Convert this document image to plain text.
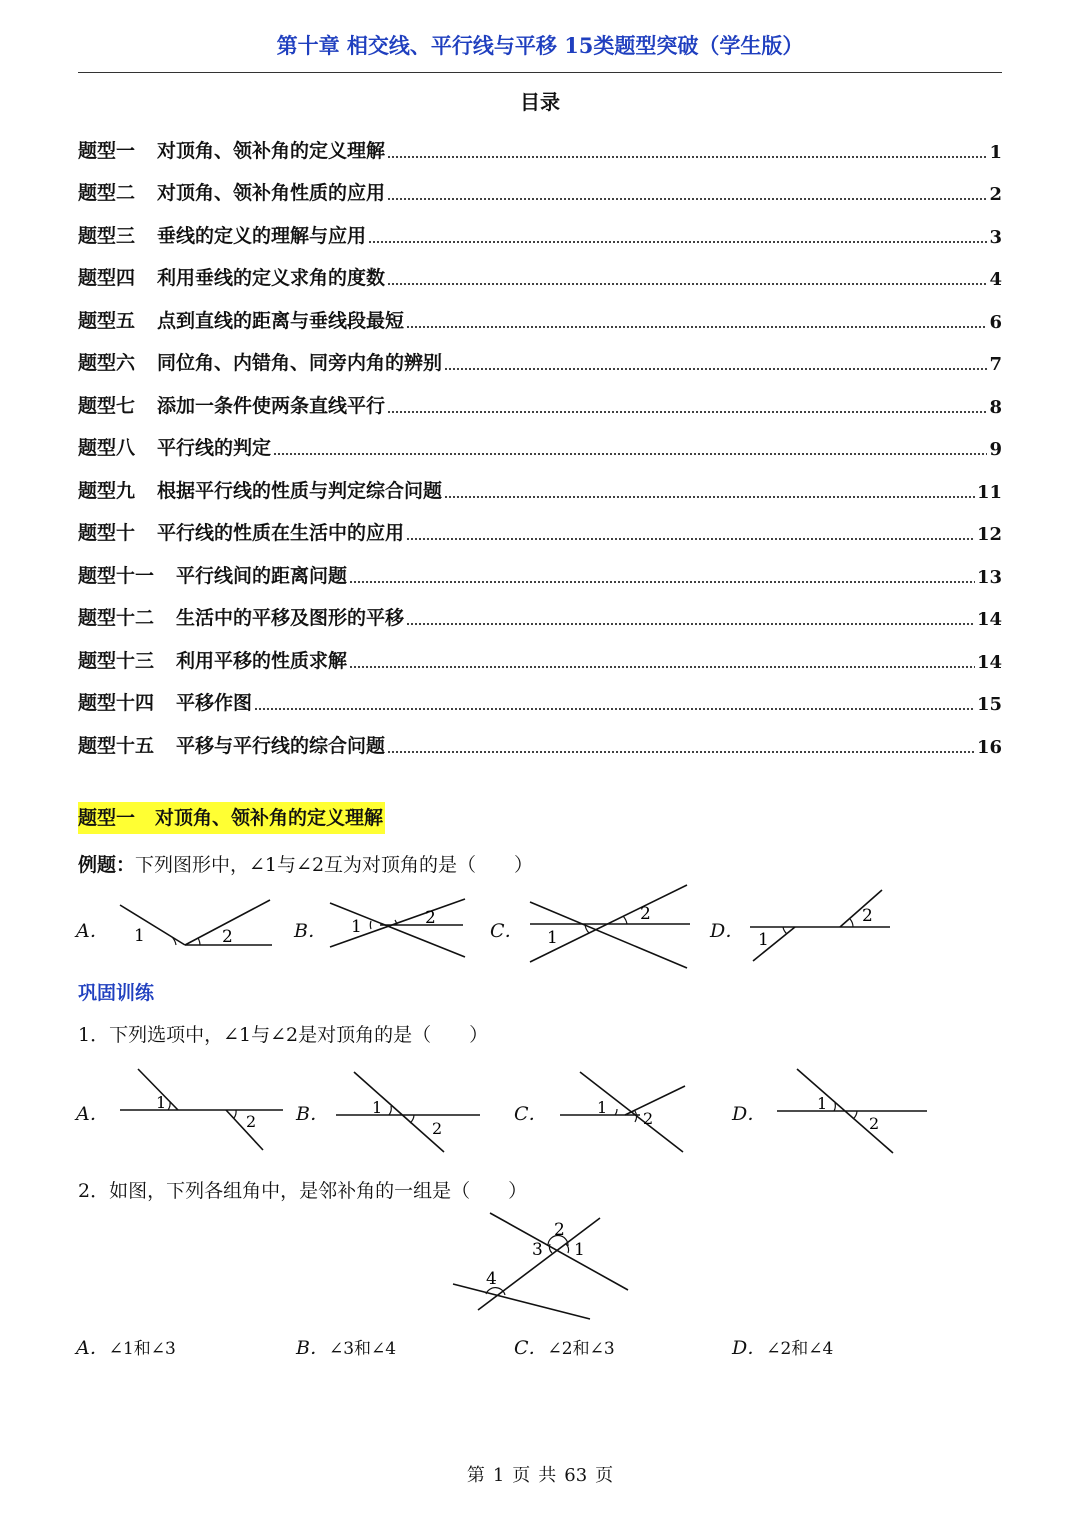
第十章 相交线、平行线与平移 15类题型突破（学生版）
目录
题型一	对顶角、领补角的定义理解	1
题型二	对顶角、领补角性质的应用	2
题型三	垂线的定义的理解与应用	3
题型四	利用垂线的定义求角的度数	4
题型五	点到直线的距离与垂线段最短	6
题型六	同位角、内错角、同旁内角的辨别	7
题型七	添加一条件使两条直线平行	8
题型八	平行线的判定	9
题型九	根据平行线的性质与判定综合问题	11
题型十	平行线的性质在生活中的应用	12
题型十一	平行线间的距离问题	13
题型十二	生活中的平移及图形的平移	14
题型十三	利用平移的性质求解	14
题型十四	平移作图	15
题型十五	平移与平行线的综合问题	16
题型一 对顶角、领补角的定义理解
例题：下列图形中，∠1与∠2互为对顶角的是（　　）
A．	B．	C．	D．
1	2	1	2
1
2
1
2
巩固训练
1．下列选项中，∠1与∠2是对顶角的是（　　）
A．	B．	C．	D．
1
2
1
2
1
2
1
2
2．如图，下列各组角中，是邻补角的一组是（　　）
2
3 1
4
A．∠1和∠3	B．∠3和∠4	C．∠2和∠3	D．∠2和∠4
第 1 页 共 63 页
